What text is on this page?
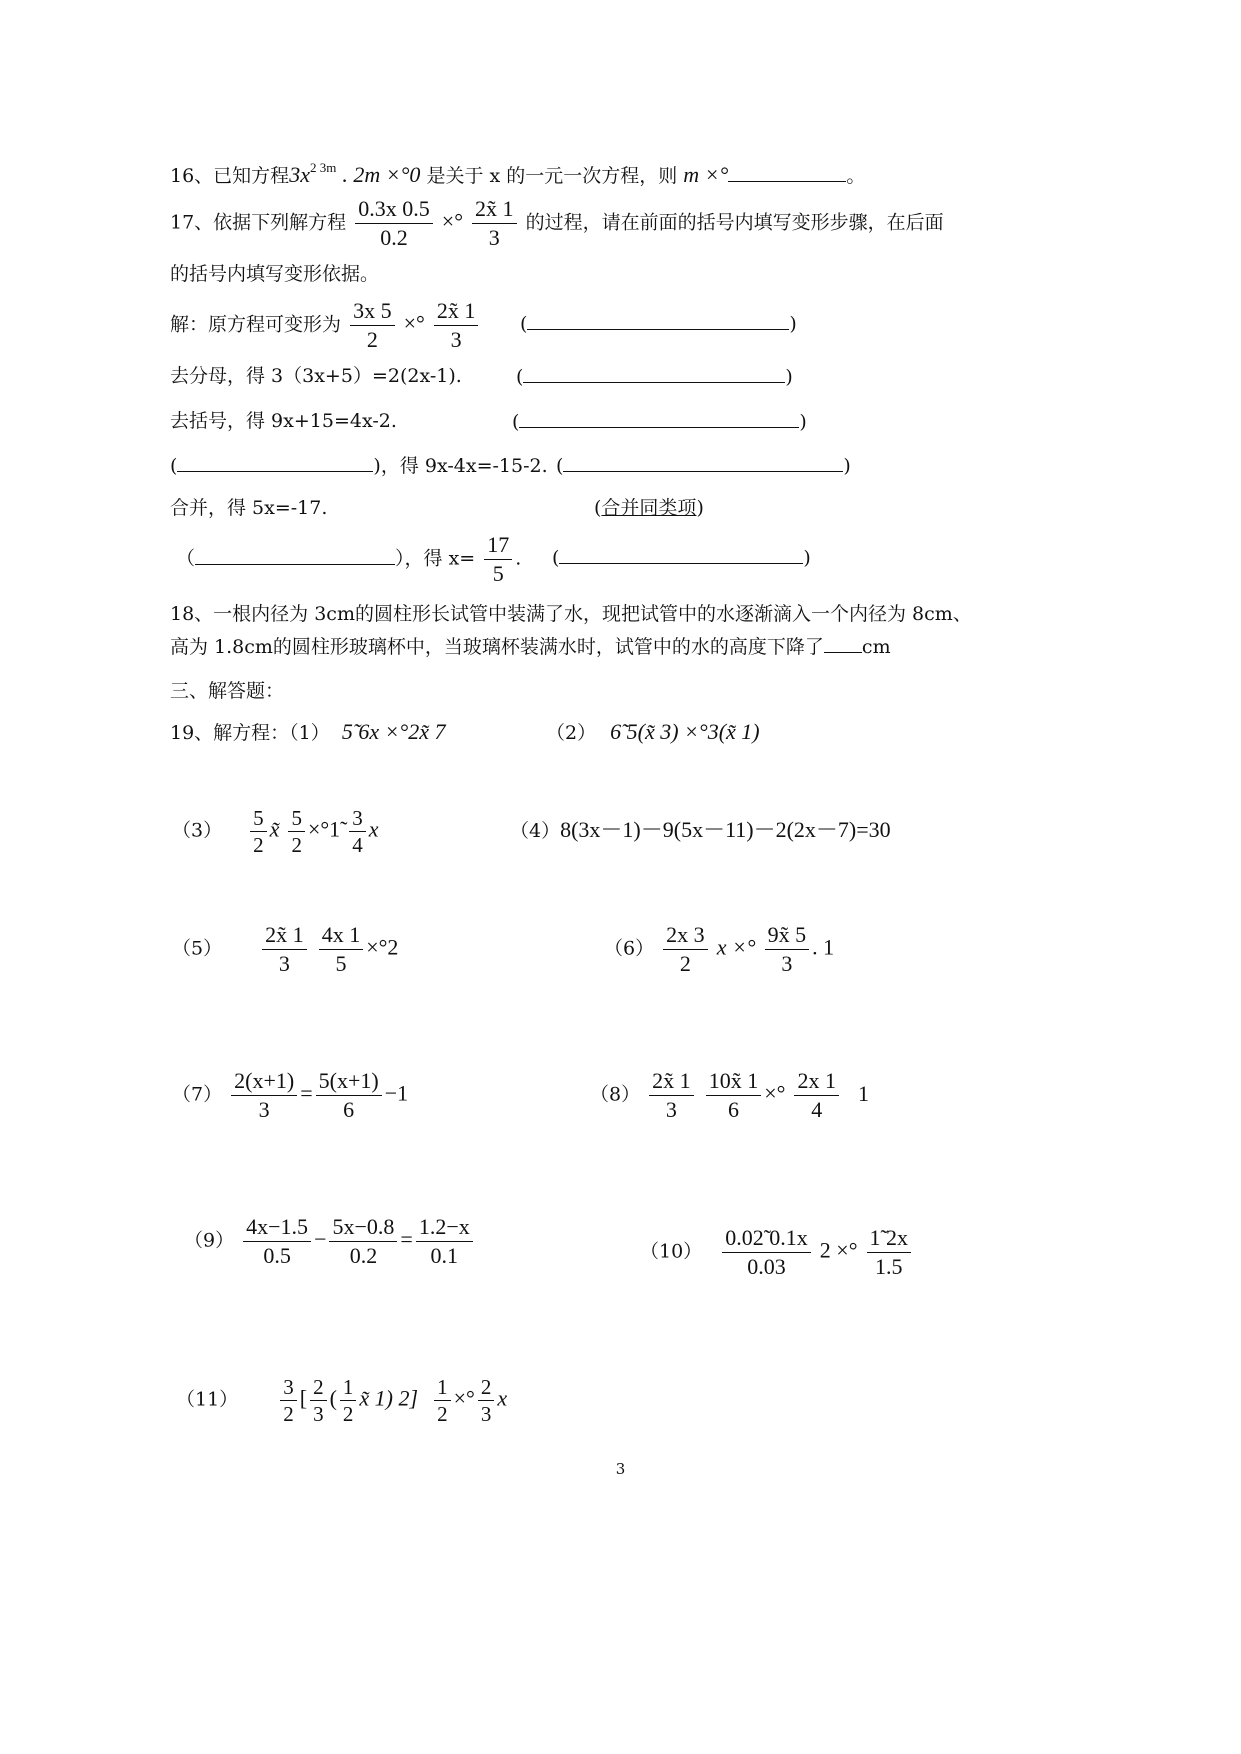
16、已知方程$3x^{2 3m}$ . 2m ×°0 是关于 x 的一元一次方程，则 m ×°	。
17、依据下列解方程 $\frac{0.3x 0.5}{0.2}$ ×° $\frac{2x̃ 1}{3}$ 的过程，请在前面的括号内填写变形步骤，在后面
的括号内填写变形依据。
解：原方程可变形为 $\frac{3x 5}{2}$ ×° $\frac{2x̃ 1}{3}$ (	)
去分母，得 3（3x+5）=2(2x-1).	(	)
去括号，得 9x+15=4x-2.	(	)
(	)，得 9x-4x=-15-2. (	)
合并，得 5x=-17.	(合并同类项)
（	），得 $x= \frac{17}{5}$ . (	)
18、一根内径为 3cm的圆柱形长试管中装满了水，现把试管中的水逐渐滴入一个内径为 8cm、
高为 1.8cm的圆柱形玻璃杯中，当玻璃杯装满水时，试管中的水的高度下降了 cm
三、解答题：
19、解方程：（1） 5̃ 6x ×°2x̃ 7	（2） 6̃ 5(x̃ 3) ×°3(x̃ 1)
$(3) \frac{5}{2}$ x̃ $\frac{5}{2}$ ×°1̃ $\frac{3}{4}$ x	（4）8(3x－1)－9(5x－11)－2(2x－7)=30
$(5) \frac{2x̃ 1}{3}$
$\frac{4x 1}{5} \times^\circ 2$	$(6) \frac{2x 3}{2}$ x ×° $\frac{9x̃ 5}{3}$ . 1
$(7) \frac{2(x+1)}{3} = \frac{5(x+1)}{6} -1$	$(8) \frac{2x̃ 1}{3}$
$\frac{10x̃ 1}{6}$ ×° $\frac{2x 1}{4} 1$
$(9) \frac{4x-1.5}{0.5} - \frac{5x-0.8}{0.2} = \frac{1.2-x}{0.1}$	$(10) \frac{0.02̃ 0.1x}{0.03} 2$ ×° $\frac{1̃ 2x}{1.5}$
$(11) \frac{3}{2}$ [ $\frac{2}{3}$ ( $\frac{1}{2}$ x̃ 1) $2] \frac{1}{2}$ ×° $\frac{2}{3}$ x
3
